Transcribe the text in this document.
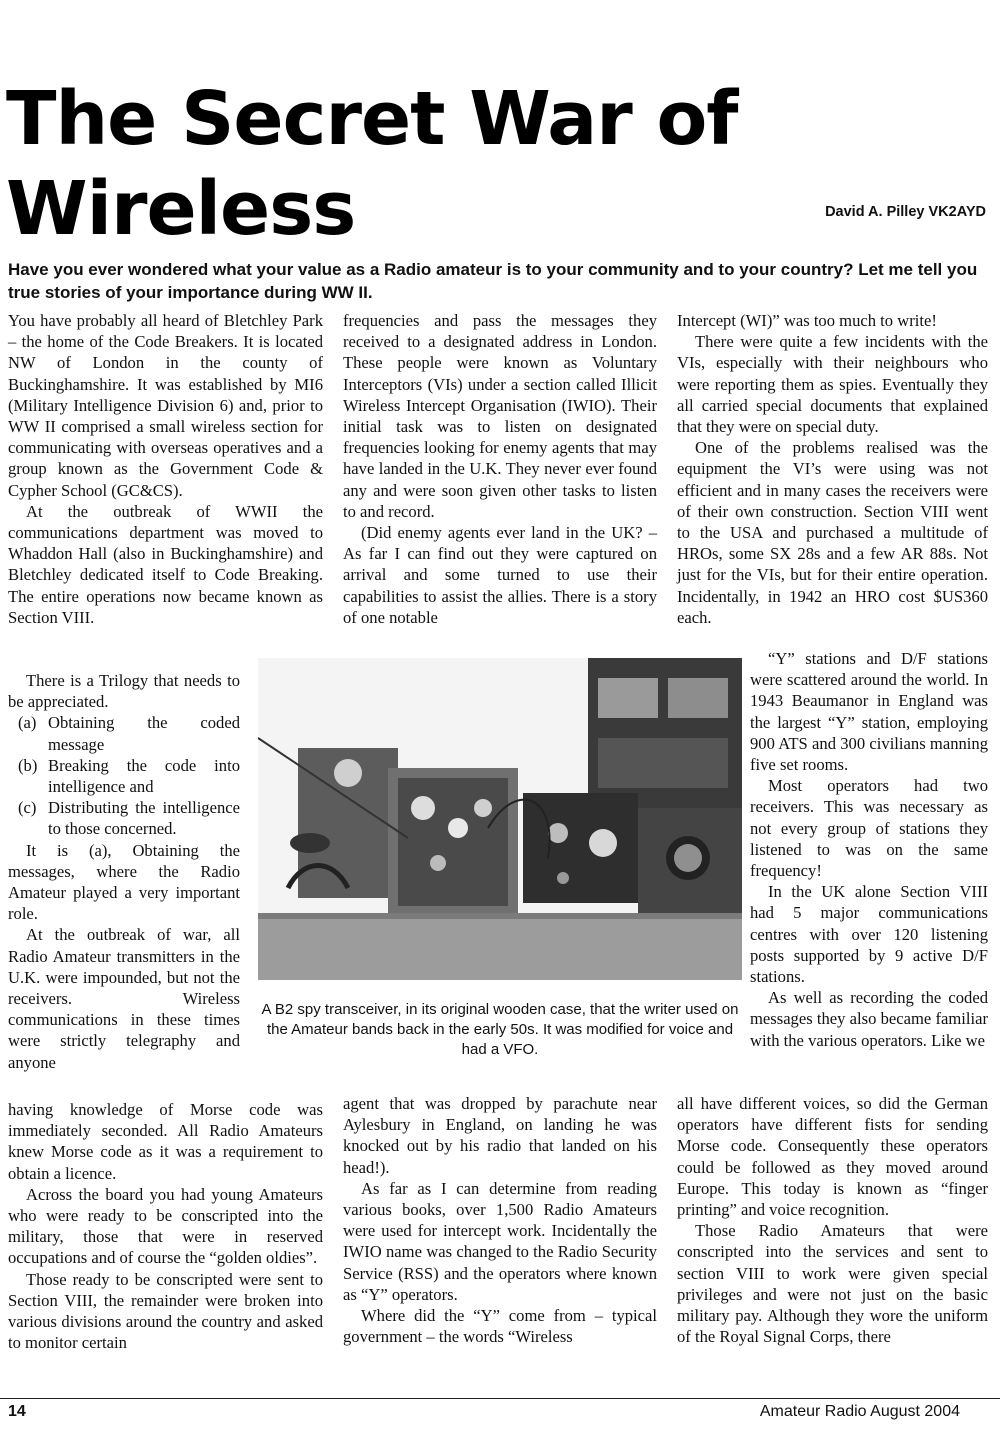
The Secret War of
Wireless	David A. Pilley VK2AYD

Have you ever wondered what your value as a Radio amateur is to your community and to your country? Let me tell you true stories of your importance during WW II.

You have probably all heard of Bletchley Park – the home of the Code Breakers. It is located NW of London in the county of Buckinghamshire. It was established by MI6 (Military Intelligence Division 6) and, prior to WW II comprised a small wireless section for communicating with overseas operatives and a group known as the Government Code & Cypher School (GC&CS).

At the outbreak of WWII the communications department was moved to Whaddon Hall (also in Buckinghamshire) and Bletchley dedicated itself to Code Breaking. The entire operations now became known as Section VIII.

There is a Trilogy that needs to be appreciated.

(a) Obtaining the coded message
(b) Breaking the code into intelligence and
(c) Distributing the intelligence to those concerned.

It is (a), Obtaining the messages, where the Radio Amateur played a very important role.

At the outbreak of war, all Radio Amateur transmitters in the U.K. were impounded, but not the receivers. Wireless communications in these times were strictly telegraphy and anyone

having knowledge of Morse code was immediately seconded. All Radio Amateurs knew Morse code as it was a requirement to obtain a licence.

Across the board you had young Amateurs who were ready to be conscripted into the military, those that were in reserved occupations and of course the “golden oldies”.

Those ready to be conscripted were sent to Section VIII, the remainder were broken into various divisions around the country and asked to monitor certain

frequencies and pass the messages they received to a designated address in London. These people were known as Voluntary Interceptors (VIs) under a section called Illicit Wireless Intercept Organisation (IWIO). Their initial task was to listen on designated frequencies looking for enemy agents that may have landed in the U.K. They never ever found any and were soon given other tasks to listen to and record.

(Did enemy agents ever land in the UK? – As far I can find out they were captured on arrival and some turned to use their capabilities to assist the allies. There is a story of one notable

agent that was dropped by parachute near Aylesbury in England, on landing he was knocked out by his radio that landed on his head!).

As far as I can determine from reading various books, over 1,500 Radio Amateurs were used for intercept work. Incidentally the IWIO name was changed to the Radio Security Service (RSS) and the operators where known as “Y” operators.

Where did the “Y” come from – typical government – the words “Wireless

Intercept (WI)” was too much to write!

There were quite a few incidents with the VIs, especially with their neighbours who were reporting them as spies. Eventually they all carried special documents that explained that they were on special duty.

One of the problems realised was the equipment the VI’s were using was not efficient and in many cases the receivers were of their own construction. Section VIII went to the USA and purchased a multitude of HROs, some SX 28s and a few AR 88s. Not just for the VIs, but for their entire operation. Incidentally, in 1942 an HRO cost $US360 each.

“Y” stations and D/F stations were scattered around the world. In 1943 Beaumanor in England was the largest “Y” station, employing 900 ATS and 300 civilians manning five set rooms.

Most operators had two receivers. This was necessary as not every group of stations they listened to was on the same frequency!

In the UK alone Section VIII had 5 major communications centres with over 120 listening posts supported by 9 active D/F stations.

As well as recording the coded messages they also became familiar with the various operators. Like we

all have different voices, so did the German operators have different fists for sending Morse code. Consequently these operators could be followed as they moved around Europe. This today is known as “finger printing” and voice recognition.

Those Radio Amateurs that were conscripted into the services and sent to section VIII to work were given special privileges and were not just on the basic military pay. Although they wore the uniform of the Royal Signal Corps, there

A B2 spy transceiver, in its original wooden case, that the writer used on the Amateur bands back in the early 50s. It was modified for voice and had a VFO.

14	Amateur Radio August 2004
